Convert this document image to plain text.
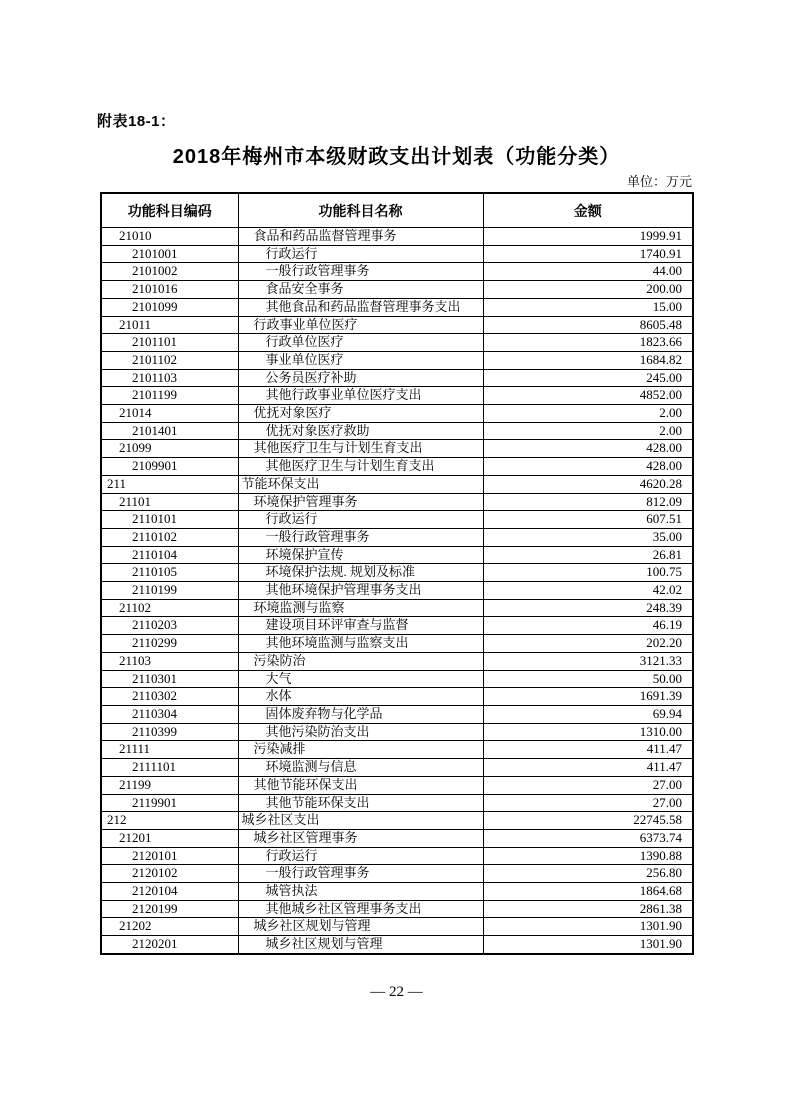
附表18-1：
2018年梅州市本级财政支出计划表（功能分类）
单位：万元
功能科目编码	功能科目名称	金额
21010	食品和药品监督管理事务	1999.91
2101001	行政运行	1740.91
2101002	一般行政管理事务	44.00
2101016	食品安全事务	200.00
2101099	其他食品和药品监督管理事务支出	15.00
21011	行政事业单位医疗	8605.48
2101101	行政单位医疗	1823.66
2101102	事业单位医疗	1684.82
2101103	公务员医疗补助	245.00
2101199	其他行政事业单位医疗支出	4852.00
21014	优抚对象医疗	2.00
2101401	优抚对象医疗救助	2.00
21099	其他医疗卫生与计划生育支出	428.00
2109901	其他医疗卫生与计划生育支出	428.00
211	节能环保支出	4620.28
21101	环境保护管理事务	812.09
2110101	行政运行	607.51
2110102	一般行政管理事务	35.00
2110104	环境保护宣传	26.81
2110105	环境保护法规. 规划及标准	100.75
2110199	其他环境保护管理事务支出	42.02
21102	环境监测与监察	248.39
2110203	建设项目环评审查与监督	46.19
2110299	其他环境监测与监察支出	202.20
21103	污染防治	3121.33
2110301	大气	50.00
2110302	水体	1691.39
2110304	固体废弃物与化学品	69.94
2110399	其他污染防治支出	1310.00
21111	污染减排	411.47
2111101	环境监测与信息	411.47
21199	其他节能环保支出	27.00
2119901	其他节能环保支出	27.00
212	城乡社区支出	22745.58
21201	城乡社区管理事务	6373.74
2120101	行政运行	1390.88
2120102	一般行政管理事务	256.80
2120104	城管执法	1864.68
2120199	其他城乡社区管理事务支出	2861.38
21202	城乡社区规划与管理	1301.90
2120201	城乡社区规划与管理	1301.90
— 22 —
